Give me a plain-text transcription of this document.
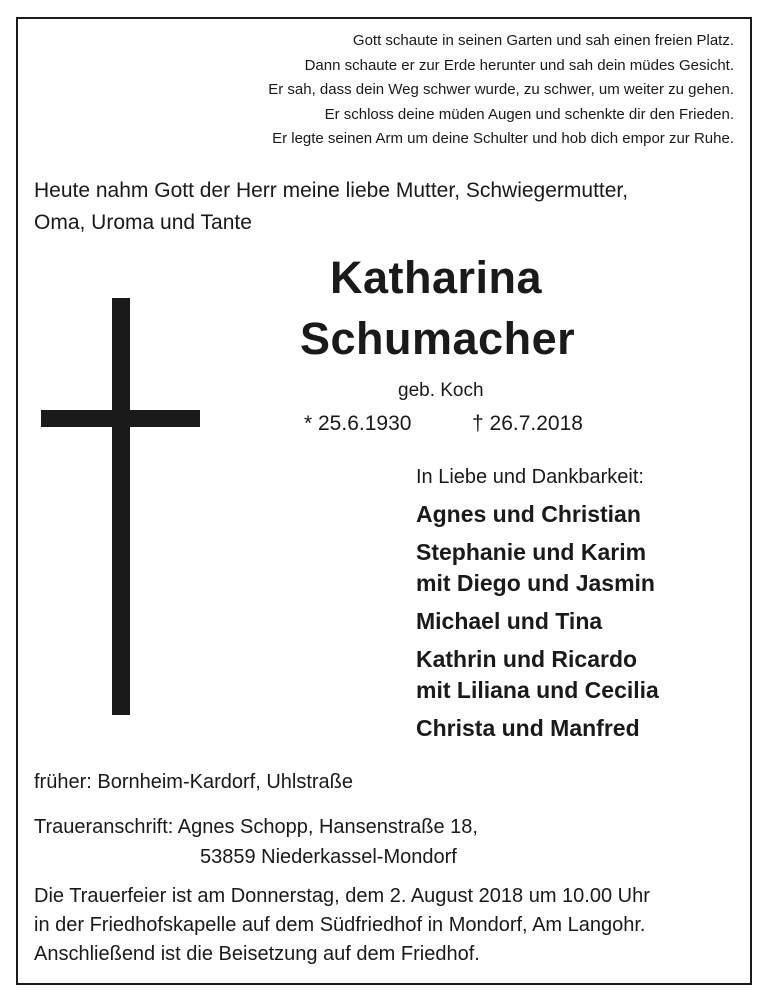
Gott schaute in seinen Garten und sah einen freien Platz.
Dann schaute er zur Erde herunter und sah dein müdes Gesicht.
Er sah, dass dein Weg schwer wurde, zu schwer, um weiter zu gehen.
Er schloss deine müden Augen und schenkte dir den Frieden.
Er legte seinen Arm um deine Schulter und hob dich empor zur Ruhe.
Heute nahm Gott der Herr meine liebe Mutter, Schwiegermutter,
Oma, Uroma und Tante
Katharina
Schumacher
geb. Koch
* 25.6.1930	† 26.7.2018
In Liebe und Dankbarkeit:
Agnes und Christian
Stephanie und Karim
mit Diego und Jasmin
Michael und Tina
Kathrin und Ricardo
mit Liliana und Cecilia
Christa und Manfred
früher: Bornheim-Kardorf, Uhlstraße
Traueranschrift: Agnes Schopp, Hansenstraße 18,
53859 Niederkassel-Mondorf
Die Trauerfeier ist am Donnerstag, dem 2. August 2018 um 10.00 Uhr
in der Friedhofskapelle auf dem Südfriedhof in Mondorf, Am Langohr.
Anschließend ist die Beisetzung auf dem Friedhof.
